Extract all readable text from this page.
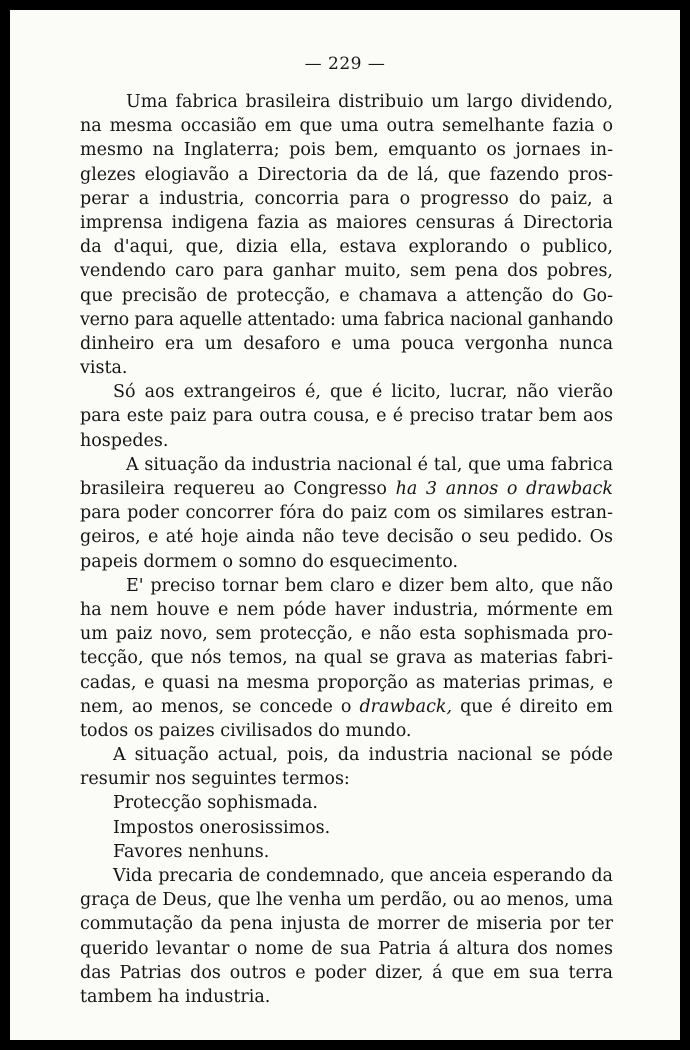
— 229 —
Uma fabrica brasileira distribuio um largo dividendo,
na mesma occasião em que uma outra semelhante fazia o
mesmo na Inglaterra; pois bem, emquanto os jornaes in-
glezes elogiavão a Directoria da de lá, que fazendo pros-
perar a industria, concorria para o progresso do paiz, a
imprensa indigena fazia as maiores censuras á Directoria
da d'aqui, que, dizia ella, estava explorando o publico,
vendendo caro para ganhar muito, sem pena dos pobres,
que precisão de protecção, e chamava a attenção do Go-
verno para aquelle attentado: uma fabrica nacional ganhando
dinheiro era um desaforo e uma pouca vergonha nunca
vista.
Só aos extrangeiros é, que é licito, lucrar, não vierão
para este paiz para outra cousa, e é preciso tratar bem aos
hospedes.
A situação da industria nacional é tal, que uma fabrica
brasileira requereu ao Congresso ha 3 annos o drawback
para poder concorrer fóra do paiz com os similares estran-
geiros, e até hoje ainda não teve decisão o seu pedido. Os
papeis dormem o somno do esquecimento.
E' preciso tornar bem claro e dizer bem alto, que não
ha nem houve e nem póde haver industria, mórmente em
um paiz novo, sem protecção, e não esta sophismada pro-
tecção, que nós temos, na qual se grava as materias fabri-
cadas, e quasi na mesma proporção as materias primas, e
nem, ao menos, se concede o drawback, que é direito em
todos os paizes civilisados do mundo.
A situação actual, pois, da industria nacional se póde
resumir nos seguintes termos:
Protecção sophismada.
Impostos onerosissimos.
Favores nenhuns.
Vida precaria de condemnado, que anceia esperando da
graça de Deus, que lhe venha um perdão, ou ao menos, uma
commutação da pena injusta de morrer de miseria por ter
querido levantar o nome de sua Patria á altura dos nomes
das Patrias dos outros e poder dizer, á que em sua terra
tambem ha industria.
